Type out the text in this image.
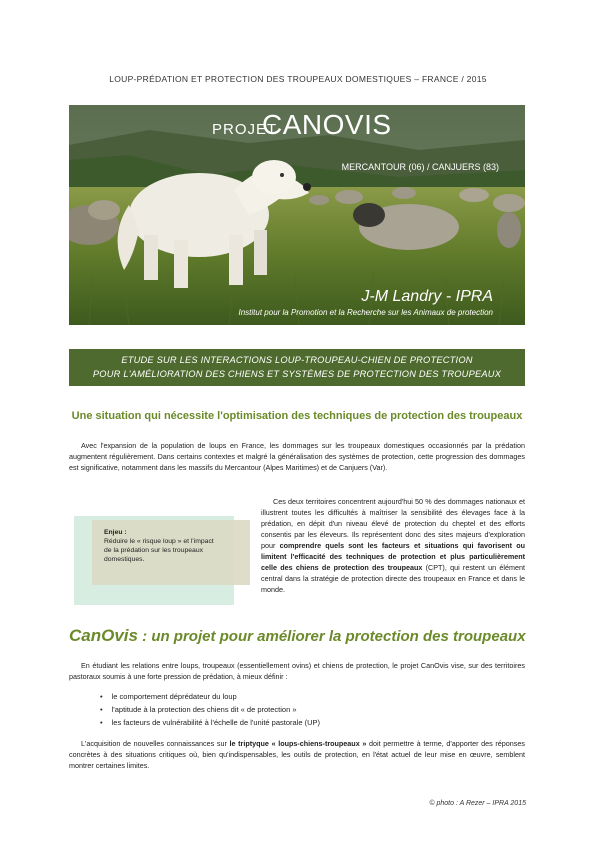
LOUP-PRÉDATION ET PROTECTION DES TROUPEAUX DOMESTIQUES – FRANCE / 2015
PROJET
CANOVIS
MERCANTOUR (06) / CANJUERS (83)
J-M Landry - IPRA
Institut pour la Promotion et la Recherche sur les Animaux de protection
ETUDE SUR LES INTERACTIONS LOUP-TROUPEAU-CHIEN DE PROTECTION
POUR L'AMÉLIORATION DES CHIENS ET SYSTÈMES DE PROTECTION DES TROUPEAUX
Une situation qui nécessite l'optimisation des techniques de protection des troupeaux
Avec l'expansion de la population de loups en France, les dommages sur les troupeaux domestiques occasionnés par la prédation augmentent régulièrement. Dans certains contextes et malgré la généralisation des systèmes de protection, cette progression des dommages est significative, notamment dans les massifs du Mercantour (Alpes Maritimes) et de Canjuers (Var).
Enjeu :
Réduire le « risque loup » et l'impact de la prédation sur les troupeaux domestiques.
Ces deux territoires concentrent aujourd'hui 50 % des dommages nationaux et illustrent toutes les difficultés à maîtriser la sensibilité des élevages face à la prédation, en dépit d'un niveau élevé de protection du cheptel et des efforts consentis par les éleveurs. Ils représentent donc des sites majeurs d'exploration pour comprendre quels sont les facteurs et situations qui favorisent ou limitent l'efficacité des techniques de protection et plus particulièrement celle des chiens de protection des troupeaux (CPT), qui restent un élément central dans la stratégie de protection directe des troupeaux en France et dans le monde.
CanOvis : un projet pour améliorer la protection des troupeaux
En étudiant les relations entre loups, troupeaux (essentiellement ovins) et chiens de protection, le projet CanOvis vise, sur des territoires pastoraux soumis à une forte pression de prédation, à mieux définir :
• le comportement déprédateur du loup
• l'aptitude à la protection des chiens dit « de protection »
• les facteurs de vulnérabilité à l'échelle de l'unité pastorale (UP)
L'acquisition de nouvelles connaissances sur le triptyque « loups-chiens-troupeaux » doit permettre à terme, d'apporter des réponses concrètes à des situations critiques où, bien qu'indispensables, les outils de protection, en l'état actuel de leur mise en œuvre, semblent montrer certaines limites.
© photo : A Rezer – IPRA 2015
